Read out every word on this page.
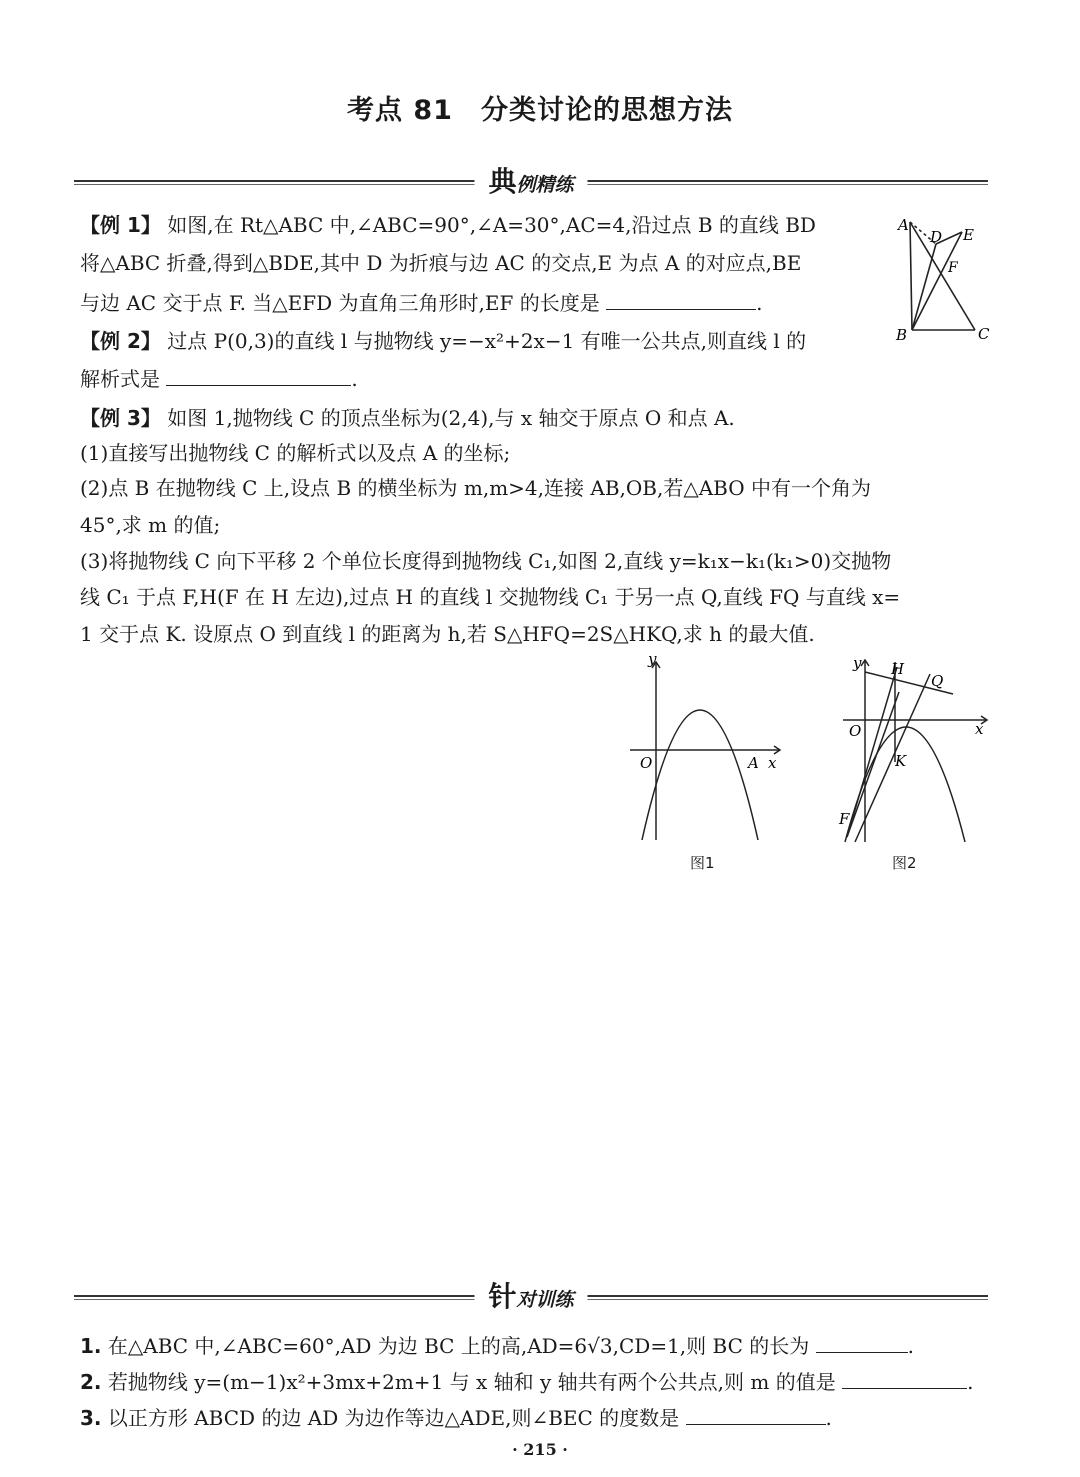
考点 81 分类讨论的思想方法
典例精练
【例 1】 如图,在 Rt△ABC 中,∠ABC=90°,∠A=30°,AC=4,沿过点 B 的直线 BD
将△ABC 折叠,得到△BDE,其中 D 为折痕与边 AC 的交点,E 为点 A 的对应点,BE
与边 AC 交于点 F. 当△EFD 为直角三角形时,EF 的长度是	.
A
B	C
D E
F
【例 2】 过点 P(0,3)的直线 l 与抛物线 y=−x²+2x−1 有唯一公共点,则直线 l 的
解析式是	.
【例 3】 如图 1,抛物线 C 的顶点坐标为(2,4),与 x 轴交于原点 O 和点 A.
(1)直接写出抛物线 C 的解析式以及点 A 的坐标;
(2)点 B 在抛物线 C 上,设点 B 的横坐标为 m,m>4,连接 AB,OB,若△ABO 中有一个角为
45°,求 m 的值;
(3)将抛物线 C 向下平移 2 个单位长度得到抛物线 C₁,如图 2,直线 y=k₁x−k₁(k₁>0)交抛物
线 C₁ 于点 F,H(F 在 H 左边),过点 H 的直线 l 交抛物线 C₁ 于另一点 Q,直线 FQ 与直线 x=
1 交于点 K. 设原点 O 到直线 l 的距离为 h,若 S△HFQ=2S△HKQ,求 h 的最大值.
y
x
O	A
图1
y
x
O
H
Q
K
F
图2
针对训练
1. 在△ABC 中,∠ABC=60°,AD 为边 BC 上的高,AD=6√3,CD=1,则 BC 的长为	.
2. 若抛物线 y=(m−1)x²+3mx+2m+1 与 x 轴和 y 轴共有两个公共点,则 m 的值是	.
3. 以正方形 ABCD 的边 AD 为边作等边△ADE,则∠BEC 的度数是	.
· 215 ·
